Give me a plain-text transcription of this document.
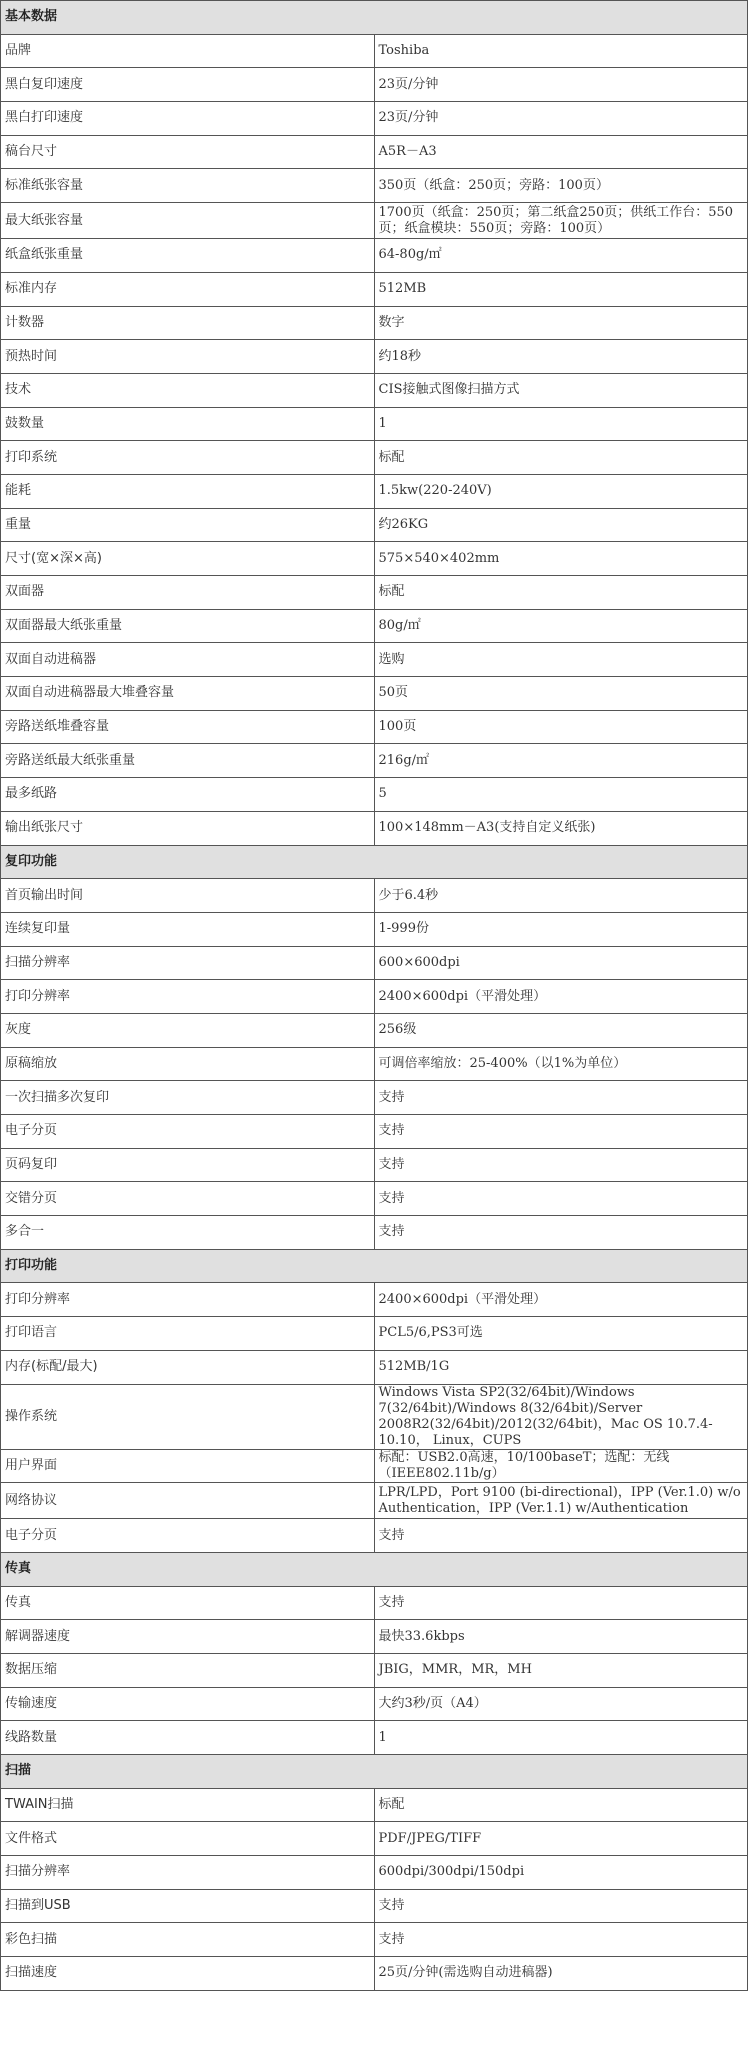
基本数据	
品牌	Toshiba
黑白复印速度	23页/分钟
黑白打印速度	23页/分钟
稿台尺寸	A5R－A3
标准纸张容量	350页（纸盒：250页；旁路：100页）
最大纸张容量	1700页（纸盒：250页；第二纸盒250页；供纸工作台：550页；纸盒模块：550页；旁路：100页）
纸盒纸张重量	64-80g/㎡
标准内存	512MB
计数器	数字
预热时间	约18秒
技术	CIS接触式图像扫描方式
鼓数量	1
打印系统	标配
能耗	1.5kw(220-240V)
重量	约26KG
尺寸(宽×深×高)	575×540×402mm
双面器	标配
双面器最大纸张重量	80g/㎡
双面自动进稿器	选购
双面自动进稿器最大堆叠容量	50页
旁路送纸堆叠容量	100页
旁路送纸最大纸张重量	216g/㎡
最多纸路	5
输出纸张尺寸	100×148mm－A3(支持自定义纸张)
复印功能	
首页输出时间	少于6.4秒
连续复印量	1-999份
扫描分辨率	600×600dpi
打印分辨率	2400×600dpi（平滑处理）
灰度	256级
原稿缩放	可调倍率缩放：25-400%（以1%为单位）
一次扫描多次复印	支持
电子分页	支持
页码复印	支持
交错分页	支持
多合一	支持
打印功能	
打印分辨率	2400×600dpi（平滑处理）
打印语言	PCL5/6,PS3可选
内存(标配/最大)	512MB/1G
操作系统	Windows Vista SP2(32/64bit)/Windows 7(32/64bit)/Windows 8(32/64bit)/Server 2008R2(32/64bit)/2012(32/64bit)，Mac OS 10.7.4-10.10， Linux，CUPS
用户界面	标配：USB2.0高速，10/100baseT；选配：无线（IEEE802.11b/g）
网络协议	LPR/LPD，Port 9100 (bi-directional)，IPP (Ver.1.0) w/o Authentication，IPP (Ver.1.1) w/Authentication
电子分页	支持
传真	
传真	支持
解调器速度	最快33.6kbps
数据压缩	JBIG，MMR，MR，MH
传输速度	大约3秒/页（A4）
线路数量	1
扫描	
TWAIN扫描	标配
文件格式	PDF/JPEG/TIFF
扫描分辨率	600dpi/300dpi/150dpi
扫描到USB	支持
彩色扫描	支持
扫描速度	25页/分钟(需选购自动进稿器)
